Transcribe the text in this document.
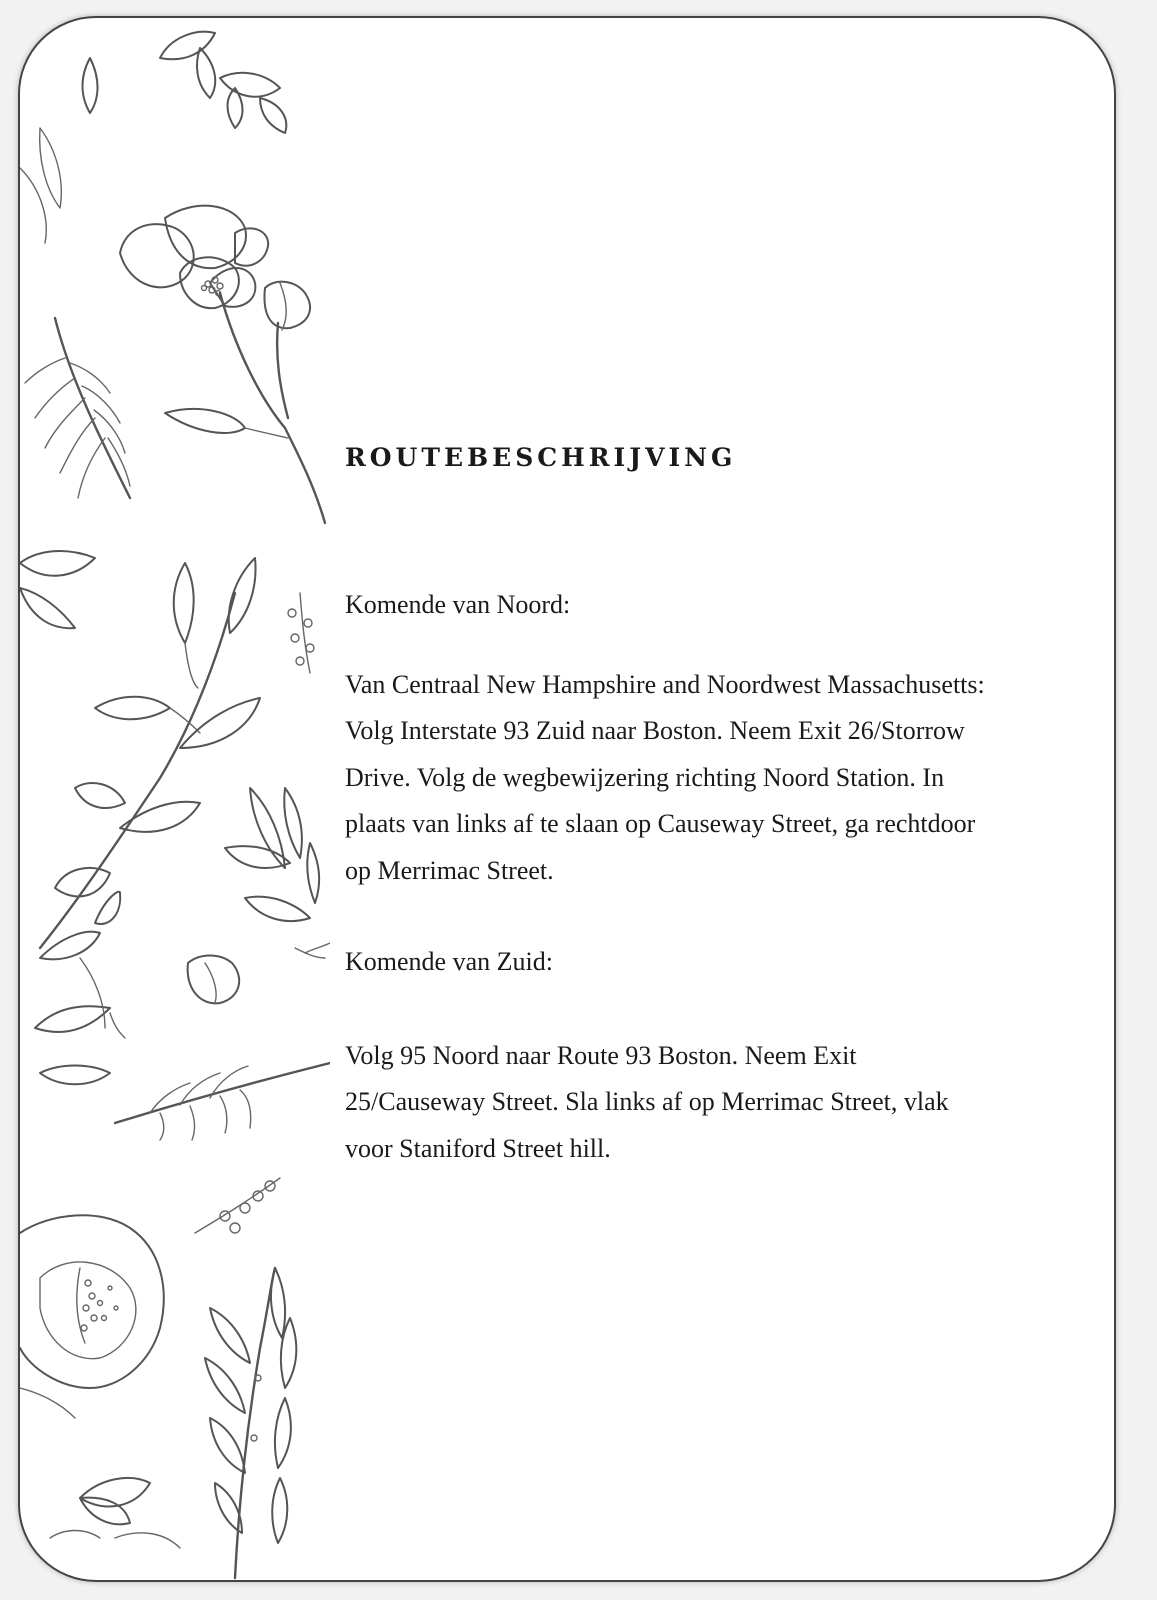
ROUTEBESCHRIJVING

Komende van Noord:

Van Centraal New Hampshire and Noordwest Massachusetts:

Volg Interstate 93 Zuid naar Boston. Neem Exit 26/Storrow

Drive. Volg de wegbewijzering richting Noord Station. In

plaats van links af te slaan op Causeway Street, ga rechtdoor

op Merrimac Street.

Komende van Zuid:

Volg 95 Noord naar Route 93 Boston. Neem Exit

25/Causeway Street. Sla links af op Merrimac Street, vlak

voor Staniford Street hill.
